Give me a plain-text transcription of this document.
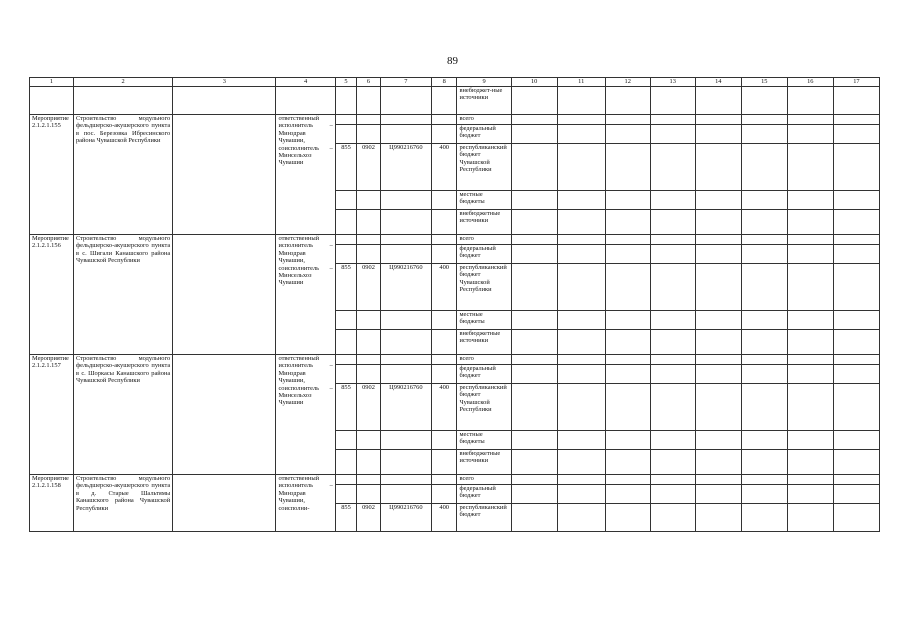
89
1	2	3	4	5	6	7	8	9	10	11	12	13	14	15	16	17
								внебюджет-ные источники								
Мероприятие 2.1.2.1.155	Строительство модульного фельдшерско-акушерского пункта в пос. Березовка Ибресинского района Чувашской Республики		ответственный исполнитель – Минздрав Чувашии, соисполнитель – Минсельхоз Чувашии					всего								
								федеральный бюджет								
				855	0902	Ц990216760	400	республиканский бюджет Чувашской Республики								
								местные бюджеты								
								внебюджетные источники								
Мероприятие 2.1.2.1.156	Строительство модульного фельдшерско-акушерского пункта в с. Шигали Канашского района Чувашской Республики		ответственный исполнитель – Минздрав Чувашии, соисполнитель – Минсельхоз Чувашии					всего								
								федеральный бюджет								
				855	0902	Ц990216760	400	республиканский бюджет Чувашской Республики								
								местные бюджеты								
								внебюджетные источники								
Мероприятие 2.1.2.1.157	Строительство модульного фельдшерско-акушерского пункта в с. Шоркасы Канашского района Чувашской Республики		ответственный исполнитель – Минздрав Чувашии, соисполнитель – Минсельхоз Чувашии					всего								
								федеральный бюджет								
				855	0902	Ц990216760	400	республиканский бюджет Чувашской Республики								
								местные бюджеты								
								внебюджетные источники								
Мероприятие 2.1.2.1.158	Строительство модульного фельдшерско-акушерского пункта в д. Старые Шальтямы Канашского района Чувашской Республики		ответственный исполнитель – Минздрав Чувашии, соисполни-					всего								
								федеральный бюджет								
				855	0902	Ц990216760	400	республиканский бюджет								
